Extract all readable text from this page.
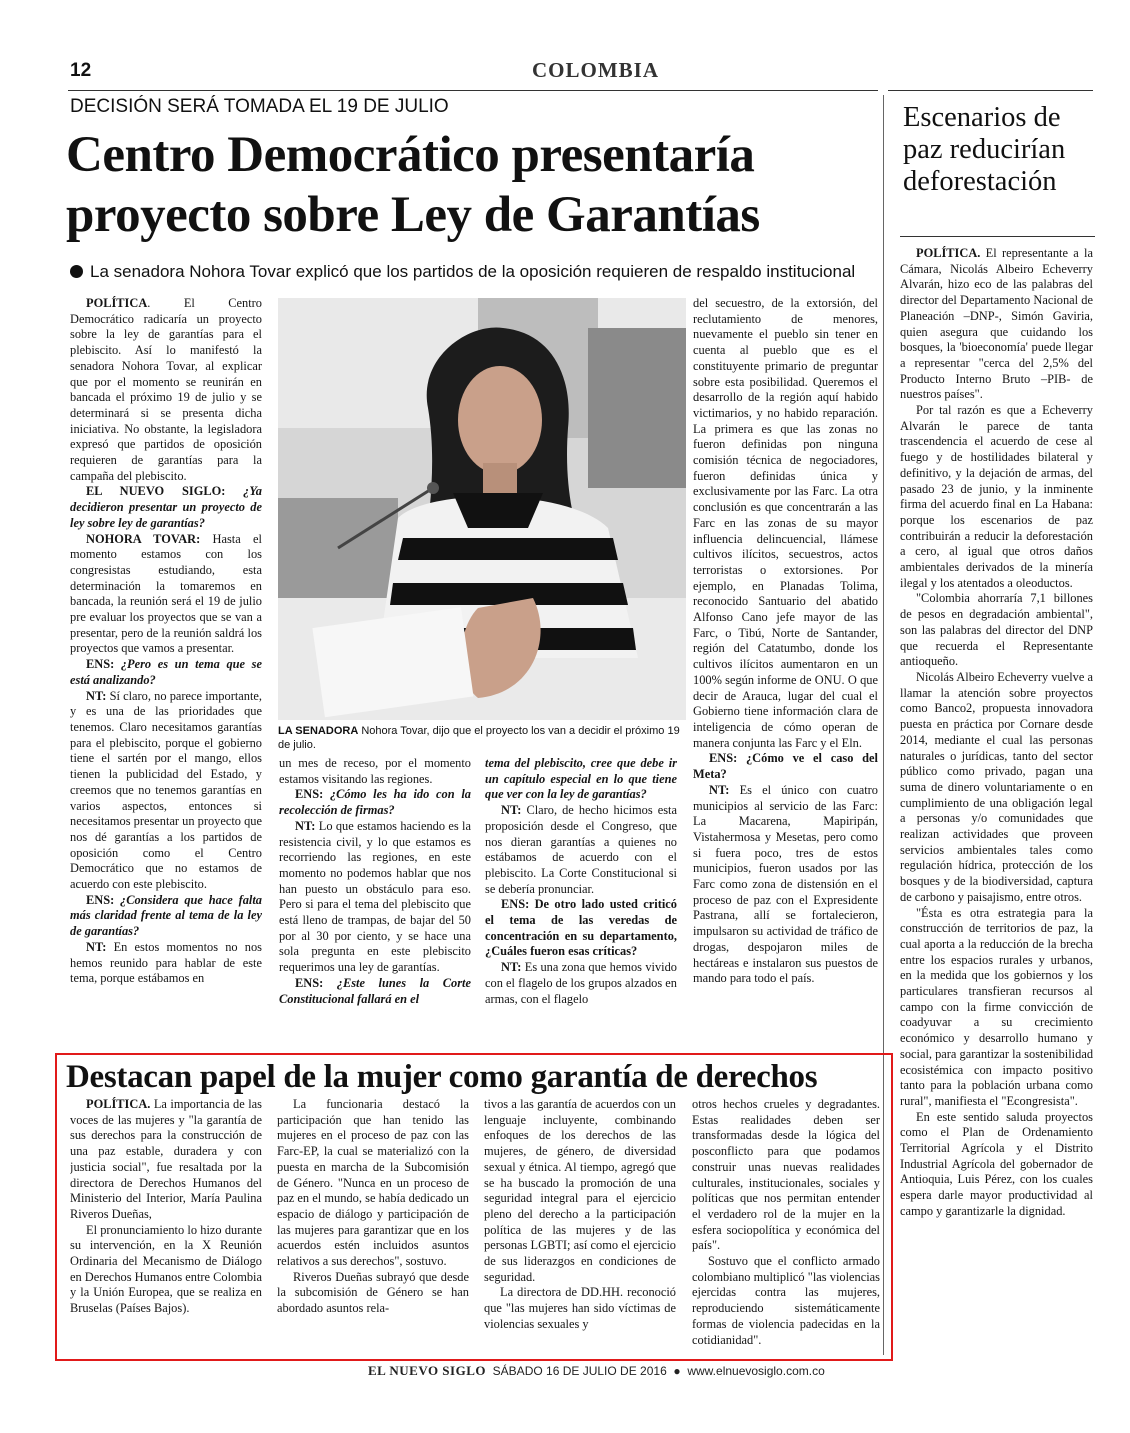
12	COLOMBIA
DECISIÓN SERÁ TOMADA EL 19 DE JULIO
Centro Democrático presentaría proyecto sobre Ley de Garantías
La senadora Nohora Tovar explicó que los partidos de la oposición requieren de respaldo institucional

POLÍTICA. El Centro Democrático radicaría un proyecto sobre la ley de garantías para el plebiscito. Así lo manifestó la senadora Nohora Tovar, al explicar que por el momento se reunirán en bancada el próximo 19 de julio y se determinará si se presenta dicha iniciativa. No obstante, la legisladora expresó que partidos de oposición requieren de garantías para la campaña del plebiscito.

EL NUEVO SIGLO: ¿Ya decidieron presentar un proyecto de ley sobre ley de garantías?

NOHORA TOVAR: Hasta el momento estamos con los congresistas estudiando, esta determinación la tomaremos en bancada, la reunión será el 19 de julio pre evaluar los proyectos que se van a presentar, pero de la reunión saldrá los proyectos que vamos a presentar.

ENS: ¿Pero es un tema que se está analizando?

NT: Sí claro, no parece importante, y es una de las prioridades que tenemos. Claro necesitamos garantías para el plebiscito, porque el gobierno tiene el sartén por el mango, ellos tienen la publicidad del Estado, y creemos que no tenemos garantías en varios aspectos, entonces si necesitamos presentar un proyecto que nos dé garantías a los partidos de oposición como el Centro Democrático que no estamos de acuerdo con este plebiscito.

ENS: ¿Considera que hace falta más claridad frente al tema de la ley de garantías?

NT: En estos momentos no nos hemos reunido para hablar de este tema, porque estábamos en

LA SENADORA Nohora Tovar, dijo que el proyecto los van a decidir el próximo 19 de julio.

un mes de receso, por el momento estamos visitando las regiones.

ENS: ¿Cómo les ha ido con la recolección de firmas?

NT: Lo que estamos haciendo es la resistencia civil, y lo que estamos es recorriendo las regiones, en este momento no podemos hablar que nos han puesto un obstáculo para eso. Pero si para el tema del plebiscito que está lleno de trampas, de bajar del 50 por al 30 por ciento, y se hace una sola pregunta en este plebiscito requerimos una ley de garantías.

ENS: ¿Este lunes la Corte Constitucional fallará en el

tema del plebiscito, cree que debe ir un capítulo especial en lo que tiene que ver con la ley de garantías?

NT: Claro, de hecho hicimos esta proposición desde el Congreso, que nos dieran garantías a quienes no estábamos de acuerdo con el plebiscito. La Corte Constitucional si se debería pronunciar.

ENS: De otro lado usted criticó el tema de las veredas de concentración en su departamento, ¿Cuáles fueron esas críticas?

NT: Es una zona que hemos vivido con el flagelo de los grupos alzados en armas, con el flagelo

del secuestro, de la extorsión, del reclutamiento de menores, nuevamente el pueblo sin tener en cuenta al pueblo que es el constituyente primario de preguntar sobre esta posibilidad. Queremos el desarrollo de la región aquí habido victimarios, y no habido reparación. La primera es que las zonas no fueron definidas pon ninguna comisión técnica de negociadores, fueron definidas única y exclusivamente por las Farc. La otra conclusión es que concentrarán a las Farc en las zonas de su mayor influencia delincuencial, llámese cultivos ilícitos, secuestros, actos terroristas o extorsiones. Por ejemplo, en Planadas Tolima, reconocido Santuario del abatido Alfonso Cano jefe mayor de las Farc, o Tibú, Norte de Santander, región del Catatumbo, donde los cultivos ilícitos aumentaron en un 100% según informe de ONU. O que decir de Arauca, lugar del cual el Gobierno tiene información clara de inteligencia de cómo operan de manera conjunta las Farc y el Eln.

ENS: ¿Cómo ve el caso del Meta?

NT: Es el único con cuatro municipios al servicio de las Farc: La Macarena, Mapiripán, Vistahermosa y Mesetas, pero como si fuera poco, tres de estos municipios, fueron usados por las Farc como zona de distensión en el proceso de paz con el Expresidente Pastrana, allí se fortalecieron, impulsaron su actividad de tráfico de drogas, despojaron miles de hectáreas e instalaron sus puestos de mando para todo el país.

Escenarios de paz reducirían deforestación

POLÍTICA. El representante a la Cámara, Nicolás Albeiro Echeverry Alvarán, hizo eco de las palabras del director del Departamento Nacional de Planeación –DNP-, Simón Gaviria, quien asegura que cuidando los bosques, la 'bioeconomía' puede llegar a representar "cerca del 2,5% del Producto Interno Bruto –PIB- de nuestros países".

Por tal razón es que a Echeverry Alvarán le parece de tanta trascendencia el acuerdo de cese al fuego y de hostilidades bilateral y definitivo, y la dejación de armas, del pasado 23 de junio, y la inminente firma del acuerdo final en La Habana: porque los escenarios de paz contribuirán a reducir la deforestación a cero, al igual que otros daños ambientales derivados de la minería ilegal y los atentados a oleoductos.

"Colombia ahorraría 7,1 billones de pesos en degradación ambiental", son las palabras del director del DNP que recuerda el Representante antioqueño.

Nicolás Albeiro Echeverry vuelve a llamar la atención sobre proyectos como Banco2, propuesta innovadora puesta en práctica por Cornare desde 2014, mediante el cual las personas naturales o jurídicas, tanto del sector público como privado, pagan una suma de dinero voluntariamente o en cumplimiento de una obligación legal a personas y/o comunidades que realizan actividades que proveen servicios ambientales tales como regulación hídrica, protección de los bosques y de la biodiversidad, captura de carbono y paisajismo, entre otros.

"Ésta es otra estrategia para la construcción de territorios de paz, la cual aporta a la reducción de la brecha entre los espacios rurales y urbanos, en la medida que los gobiernos y los particulares transfieran recursos al campo con la firme convicción de coadyuvar a su crecimiento económico y desarrollo humano y social, para garantizar la sostenibilidad ecosistémica con impacto positivo tanto para la población urbana como rural", manifiesta el "Econgresista".

En este sentido saluda proyectos como el Plan de Ordenamiento Territorial Agrícola y el Distrito Industrial Agrícola del gobernador de Antioquia, Luis Pérez, con los cuales espera darle mayor productividad al campo y garantizarle la dignidad.

Destacan papel de la mujer como garantía de derechos

POLÍTICA. La importancia de las voces de las mujeres y "la garantía de sus derechos para la construcción de una paz estable, duradera y con justicia social", fue resaltada por la directora de Derechos Humanos del Ministerio del Interior, María Paulina Riveros Dueñas,

El pronunciamiento lo hizo durante su intervención, en la X Reunión Ordinaria del Mecanismo de Diálogo en Derechos Humanos entre Colombia y la Unión Europea, que se realiza en Bruselas (Países Bajos).

La funcionaria destacó la participación que han tenido las mujeres en el proceso de paz con las Farc-EP, la cual se materializó con la puesta en marcha de la Subcomisión de Género. "Nunca en un proceso de paz en el mundo, se había dedicado un espacio de diálogo y participación de las mujeres para garantizar que en los acuerdos estén incluidos asuntos relativos a sus derechos", sostuvo.

Riveros Dueñas subrayó que desde la subcomisión de Género se han abordado asuntos rela-

tivos a las garantía de acuerdos con un lenguaje incluyente, combinando enfoques de los derechos de las mujeres, de género, de diversidad sexual y étnica. Al tiempo, agregó que se ha buscado la promoción de una seguridad integral para el ejercicio pleno del derecho a la participación política de las mujeres y de las personas LGBTI; así como el ejercicio de sus liderazgos en condiciones de seguridad.

La directora de DD.HH. reconoció que "las mujeres han sido víctimas de violencias sexuales y

otros hechos crueles y degradantes. Estas realidades deben ser transformadas desde la lógica del posconflicto para que podamos construir unas nuevas realidades culturales, institucionales, sociales y políticas que nos permitan entender el verdadero rol de la mujer en la esfera sociopolítica y económica del país".

Sostuvo que el conflicto armado colombiano multiplicó "las violencias ejercidas contra las mujeres, reproduciendo sistemáticamente formas de violencia padecidas en la cotidianidad".

EL NUEVO SIGLO SÁBADO 16 DE JULIO DE 2016 ● www.elnuevosiglo.com.co
